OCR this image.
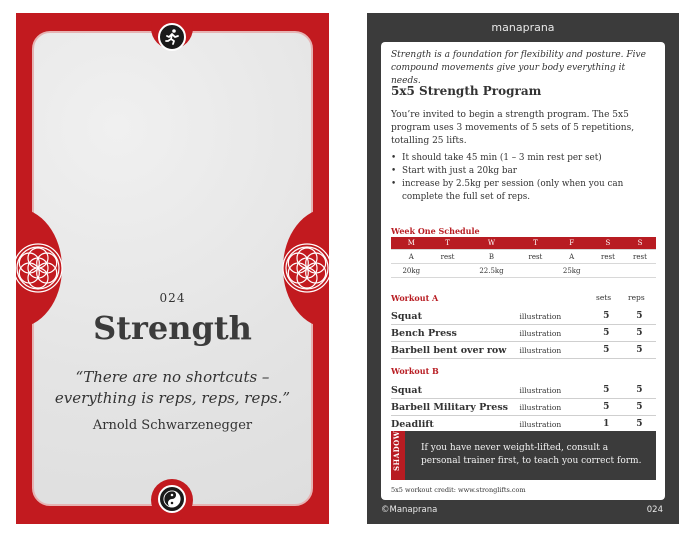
024
Strength
“There are no shortcuts – everything is reps, reps, reps.”
Arnold Schwarzenegger
manaprana
Strength is a foundation for flexibility and posture. Five compound movements give your body everything it needs.
5x5 Strength Program
You’re invited to begin a strength program. The 5x5 program uses 3 movements of 5 sets of 5 repetitions, totalling 25 lifts.
• It should take 45 min (1 – 3 min rest per set)
• Start with just a 20kg bar
• increase by 2.5kg per session (only when you can complete the full set of reps.
Week One Schedule
M	T	W	T	F	S	S
A	rest	B	rest	A	rest	rest
20kg		22.5kg		25kg		
Workout A	sets reps
Squat	illustration	5	5
Bench Press	illustration	5	5
Barbell bent over row	illustration	5	5
Workout B
Squat	illustration	5	5
Barbell Military Press	illustration	5	5
Deadlift	illustration	1	5
SHADOW If you have never weight-lifted, consult a personal trainer first, to teach you correct form.
5x5 workout credit: www.stronglifts.com
©Manaprana	024
